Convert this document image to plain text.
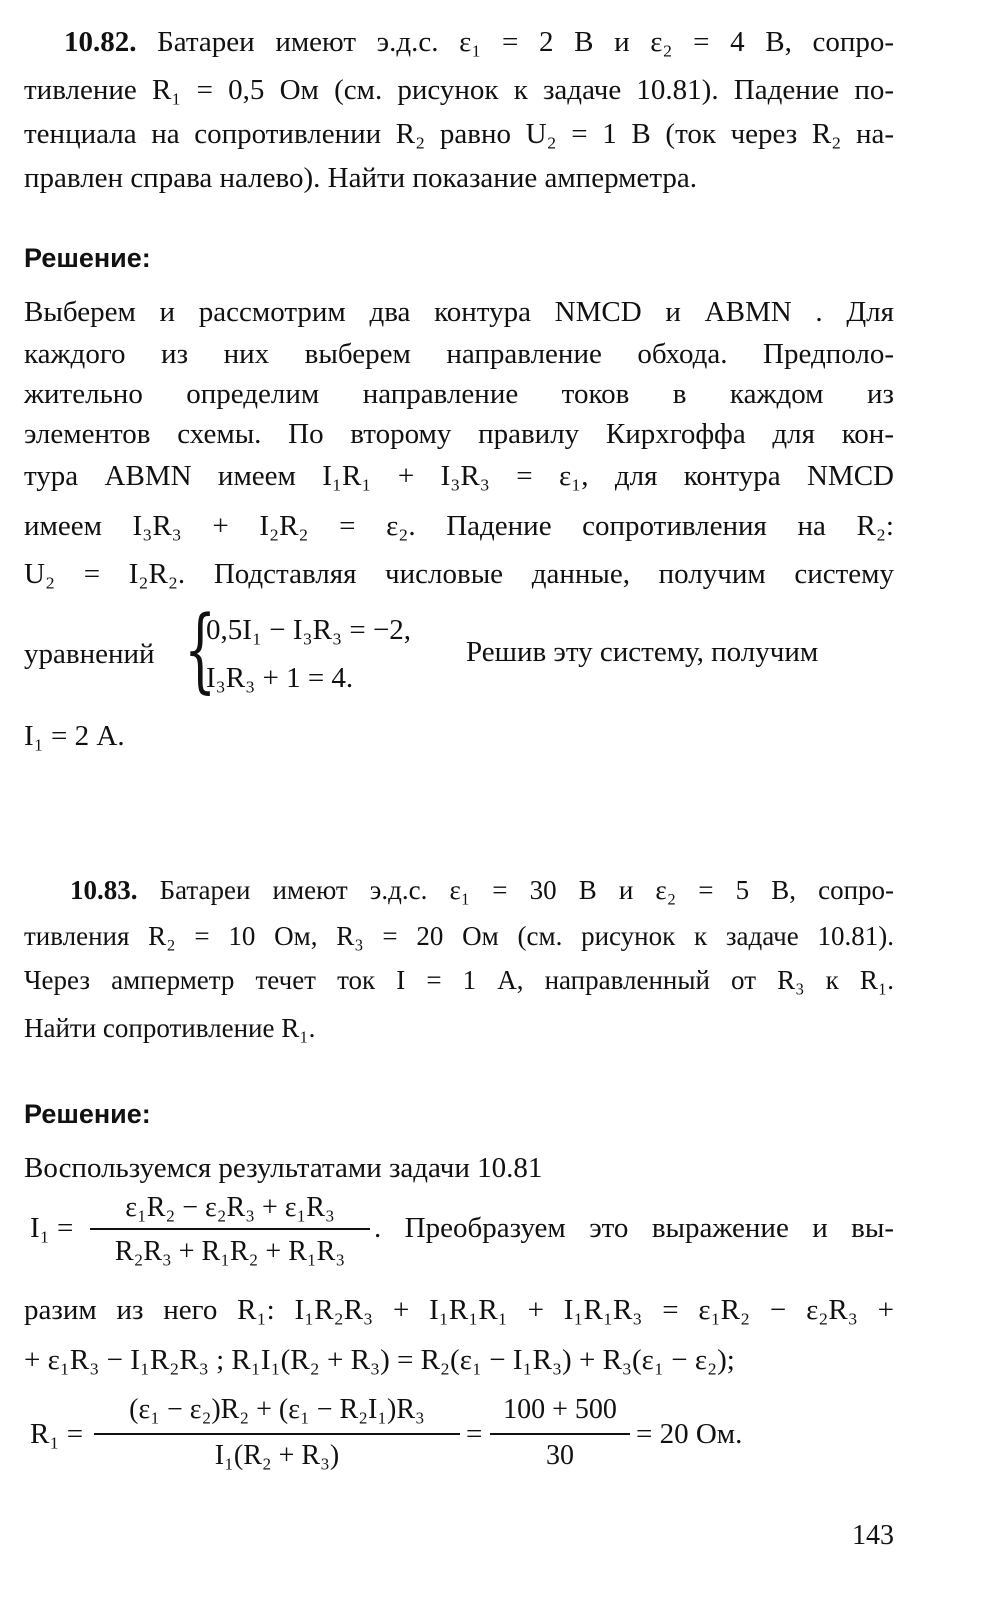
10.82. Батареи имеют э.д.с. ε₁ = 2 В и ε₂ = 4 В, сопро-
тивление R₁ = 0,5 Ом (см. рисунок к задаче 10.81). Падение по-
тенциала на сопротивлении R₂ равно U₂ = 1 В (ток через R₂ на-
правлен справа налево). Найти показание амперметра.
Решение:
Выберем и рассмотрим два контура NMCD и ABMN . Для
каждого из них выберем направление обхода. Предполо-
жительно определим направление токов в каждом из
элементов схемы. По второму правилу Кирхгоффа для кон-
тура ABMN имеем I₁R₁ + I₃R₃ = ε₁, для контура NMCD
имеем I₃R₃ + I₂R₂ = ε₂. Падение сопротивления на R₂:
U₂ = I₂R₂. Подставляя числовые данные, получим систему
уравнений {
0,5I₁ − I₃R₃ = −2,
I₃R₃ + 1 = 4.
Решив эту систему, получим
I₁ = 2 А.
10.83. Батареи имеют э.д.с. ε₁ = 30 В и ε₂ = 5 В, сопро-
тивления R₂ = 10 Ом, R₃ = 20 Ом (см. рисунок к задаче 10.81).
Через амперметр течет ток I = 1 А, направленный от R₃ к R₁.
Найти сопротивление R₁.
Решение:
Воспользуемся результатами задачи 10.81
I₁ =
ε₁R₂ − ε₂R₃ + ε₁R₃
R₂R₃ + R₁R₂ + R₁R₃
. Преобразуем это выражение и вы-
разим из него R₁: I₁R₂R₃ + I₁R₁R₁ + I₁R₁R₃ = ε₁R₂ − ε₂R₃ +
+ ε₁R₃ − I₁R₂R₃ ; R₁I₁(R₂ + R₃) = R₂(ε₁ − I₁R₃) + R₃(ε₁ − ε₂);
R₁ =
(ε₁ − ε₂)R₂ + (ε₁ − R₂I₁)R₃
I₁(R₂ + R₃)
=
100 + 500
30
= 20 Ом.
143
